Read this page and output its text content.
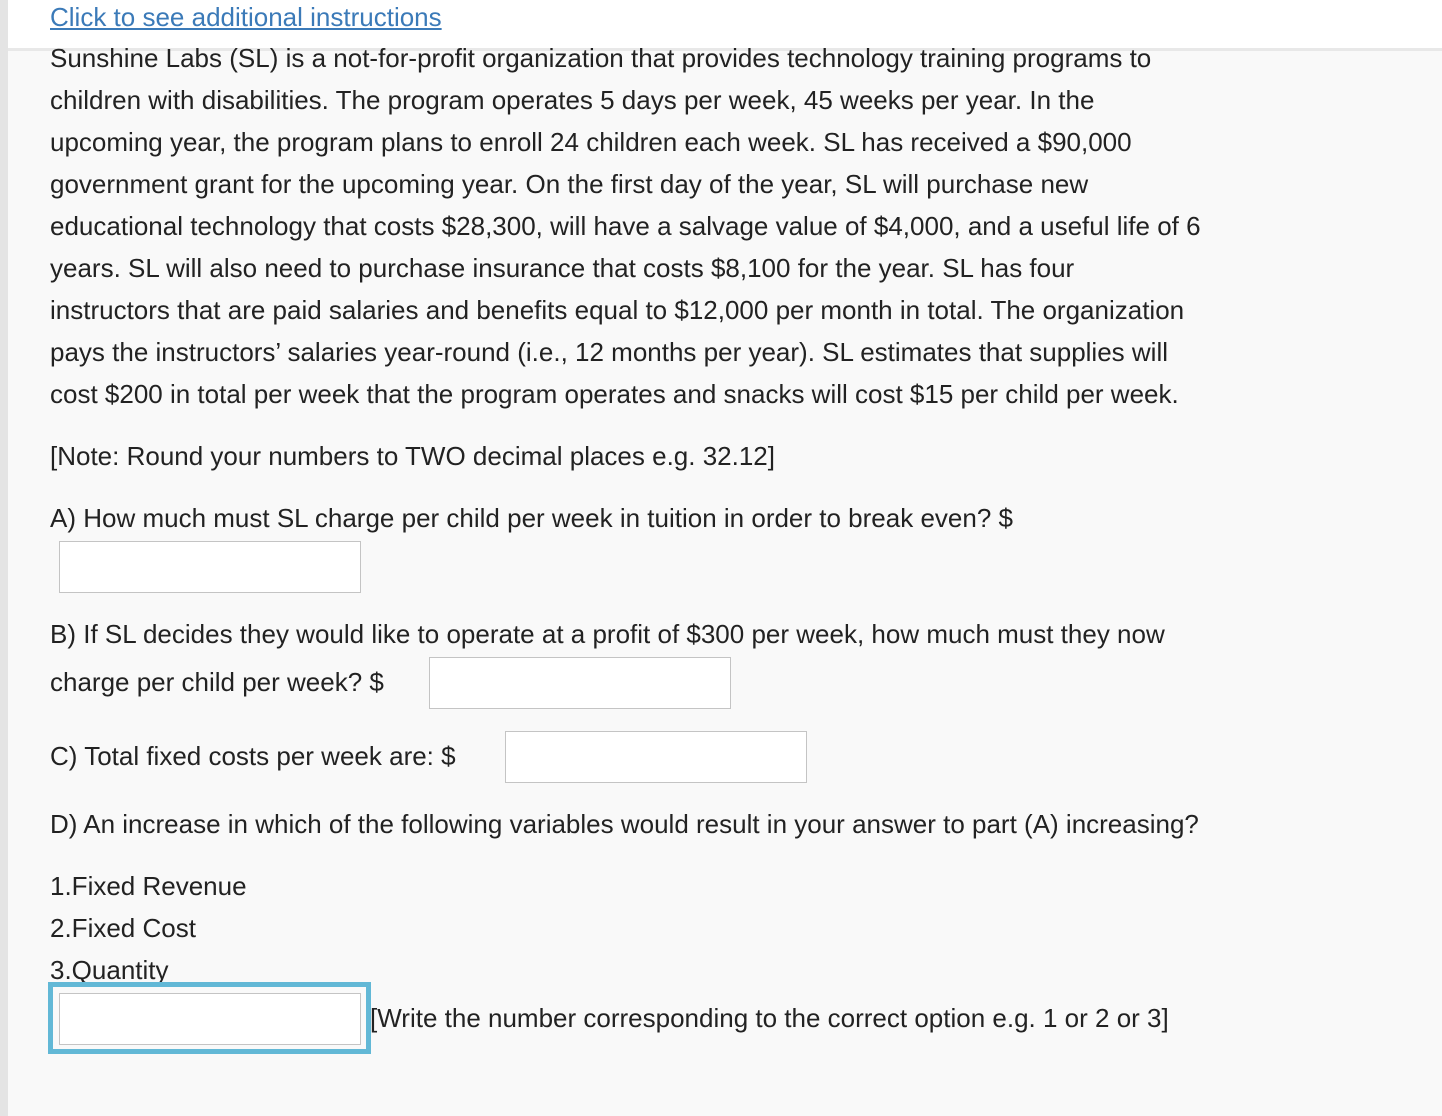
Click to see additional instructions
Sunshine Labs (SL) is a not-for-profit organization that provides technology training programs to
children with disabilities. The program operates 5 days per week, 45 weeks per year. In the
upcoming year, the program plans to enroll 24 children each week. SL has received a $90,000
government grant for the upcoming year. On the first day of the year, SL will purchase new
educational technology that costs $28,300, will have a salvage value of $4,000, and a useful life of 6
years. SL will also need to purchase insurance that costs $8,100 for the year. SL has four
instructors that are paid salaries and benefits equal to $12,000 per month in total. The organization
pays the instructors’ salaries year-round (i.e., 12 months per year). SL estimates that supplies will
cost $200 in total per week that the program operates and snacks will cost $15 per child per week.
[Note: Round your numbers to TWO decimal places e.g. 32.12]
A) How much must SL charge per child per week in tuition in order to break even? $
B) If SL decides they would like to operate at a profit of $300 per week, how much must they now
charge per child per week? $
C) Total fixed costs per week are: $
D) An increase in which of the following variables would result in your answer to part (A) increasing?
1.Fixed Revenue
2.Fixed Cost
3.Quantity
[Write the number corresponding to the correct option e.g. 1 or 2 or 3]
